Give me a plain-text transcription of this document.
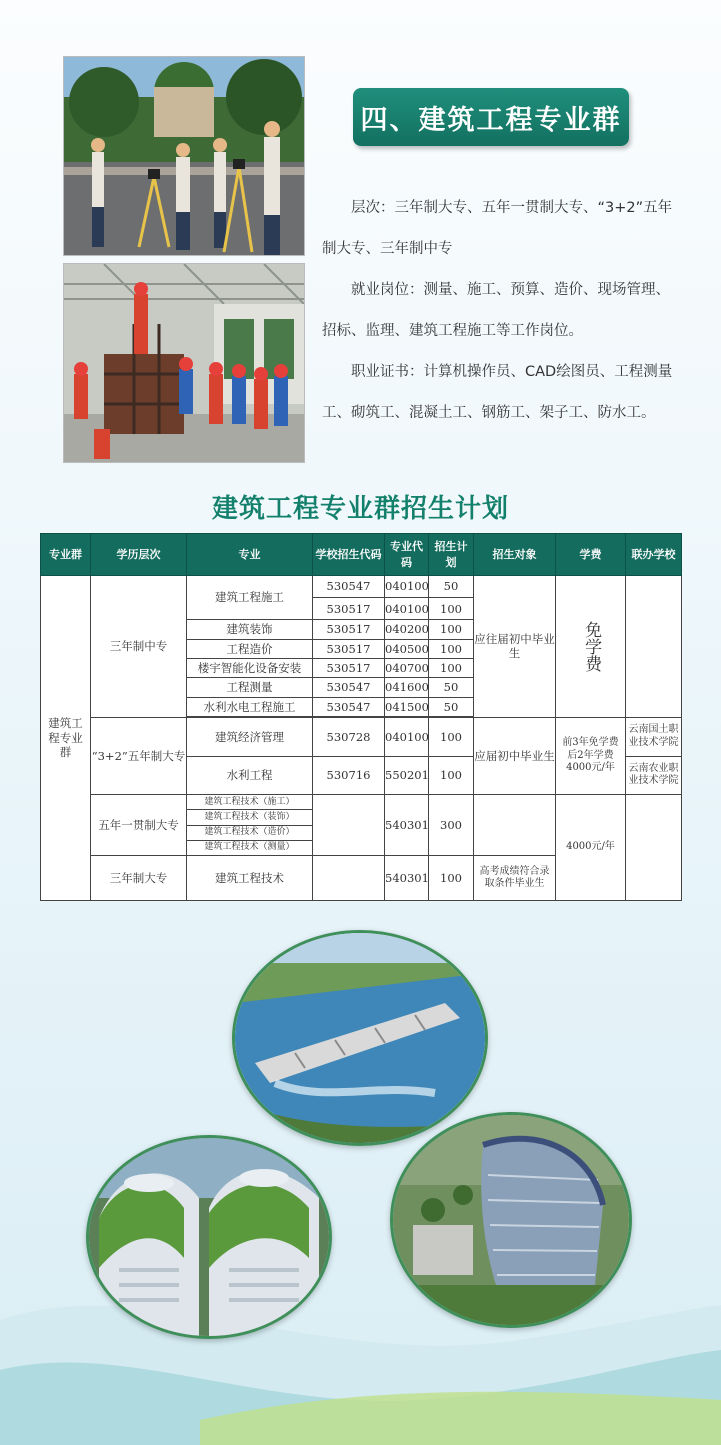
四、建筑工程专业群

层次：三年制大专、五年一贯制大专、“3+2”五年制大专、三年制中专

就业岗位：测量、施工、预算、造价、现场管理、招标、监理、建筑工程施工等工作岗位。

职业证书：计算机操作员、CAD绘图员、工程测量工、砌筑工、混凝土工、钢筋工、架子工、防水工。

建筑工程专业群招生计划
专业群	学历层次	专业	学校招生代码	专业代码	招生计划	招生对象	学费	联办学校
建筑工程专业群	三年制中专	建筑工程施工	530547	040100	50	应往届初中毕业生	免学费	
			530517	040100	100			
		建筑装饰	530517	040200	100			
		工程造价	530517	040500	100			
		楼宇智能化设备安装	530517	040700	100			
		工程测量	530547	041600	50			
		水利水电工程施工	530547	041500	50			

	“3+2”五年制大专	建筑经济管理	530728	040100	100	应届初中毕业生	前3年免学费后2年学费4000元/年	云南国土职业技术学院
		水利工程	530716	550201	100			云南农业职业技术学院
	五年一贯制大专	建筑工程技术（施工）		540301	300		4000元/年	
		建筑工程技术（装饰）						
		建筑工程技术（造价）						
		建筑工程技术（测量）						
	三年制大专	建筑工程技术		540301	100	高考成绩符合录取条件毕业生		
